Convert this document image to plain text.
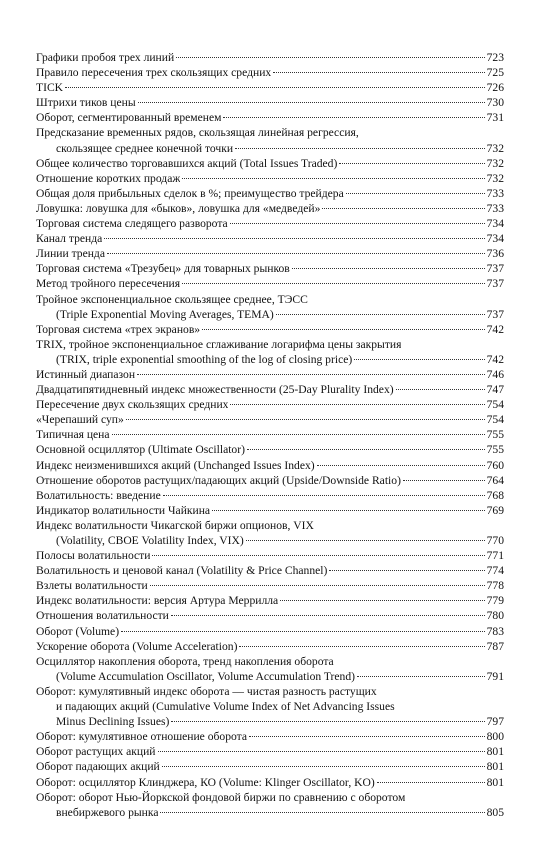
Графики пробоя трех линий	723
Правило пересечения трех скользящих средних	725
TICK	726
Штрихи тиков цены	730
Оборот, сегментированный временем	731
Предсказание временных рядов, скользящая линейная регрессия,
скользящее среднее конечной точки	732
Общее количество торговавшихся акций (Total Issues Traded)	732
Отношение коротких продаж	732
Общая доля прибыльных сделок в %; преимущество трейдера	733
Ловушка: ловушка для «быков», ловушка для «медведей»	733
Торговая система следящего разворота	734
Канал тренда	734
Линии тренда	736
Торговая система «Трезубец» для товарных рынков	737
Метод тройного пересечения	737
Тройное экспоненциальное скользящее среднее, ТЭСС
(Triple Exponential Moving Averages, TEMA)	737
Торговая система «трех экранов»	742
TRIX, тройное экспоненциальное сглаживание логарифма цены закрытия
(TRIX, triple exponential smoothing of the log of closing price)	742
Истинный диапазон	746
Двадцатипятидневный индекс множественности (25-Day Plurality Index)	747
Пересечение двух скользящих средних	754
«Черепаший суп»	754
Типичная цена	755
Основной осциллятор (Ultimate Oscillator)	755
Индекс неизменившихся акций (Unchanged Issues Index)	760
Отношение оборотов растущих/падающих акций (Upside/Downside Ratio)	764
Волатильность: введение	768
Индикатор волатильности Чайкина	769
Индекс волатильности Чикагской биржи опционов, VIX
(Volatility, CBOE Volatility Index, VIX)	770
Полосы волатильности	771
Волатильность и ценовой канал (Volatility & Price Channel)	774
Взлеты волатильности	778
Индекс волатильности: версия Артура Меррилла	779
Отношения волатильности	780
Оборот (Volume)	783
Ускорение оборота (Volume Acceleration)	787
Осциллятор накопления оборота, тренд накопления оборота
(Volume Accumulation Oscillator, Volume Accumulation Trend)	791
Оборот: кумулятивный индекс оборота — чистая разность растущих
и падающих акций (Cumulative Volume Index of Net Advancing Issues
Minus Declining Issues)	797
Оборот: кумулятивное отношение оборота	800
Оборот растущих акций	801
Оборот падающих акций	801
Оборот: осциллятор Клинджера, КО (Volume: Klinger Oscillator, KO)	801
Оборот: оборот Нью-Йоркской фондовой биржи по сравнению с оборотом
внебиржевого рынка	805
